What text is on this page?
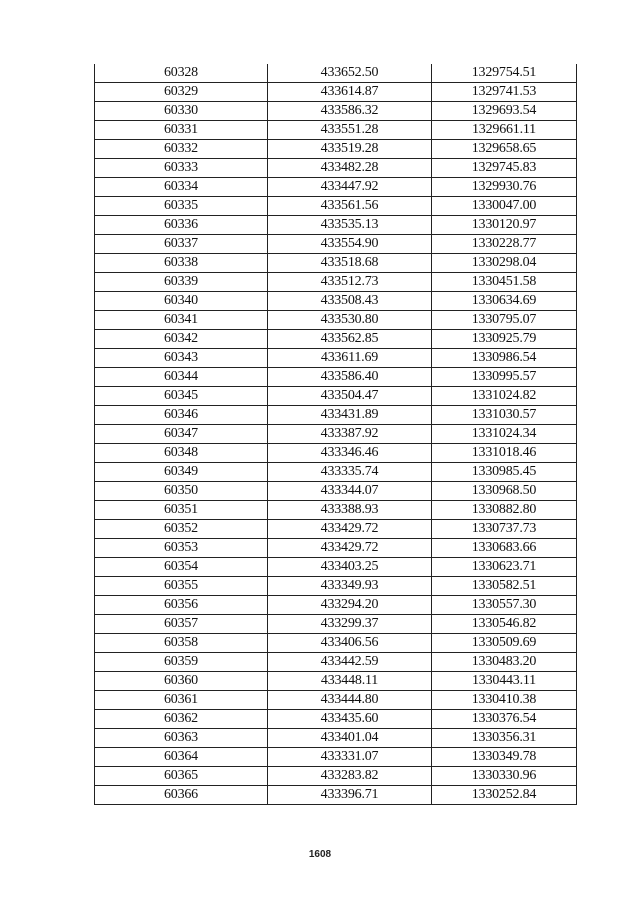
60328	433652.50	1329754.51
60329	433614.87	1329741.53
60330	433586.32	1329693.54
60331	433551.28	1329661.11
60332	433519.28	1329658.65
60333	433482.28	1329745.83
60334	433447.92	1329930.76
60335	433561.56	1330047.00
60336	433535.13	1330120.97
60337	433554.90	1330228.77
60338	433518.68	1330298.04
60339	433512.73	1330451.58
60340	433508.43	1330634.69
60341	433530.80	1330795.07
60342	433562.85	1330925.79
60343	433611.69	1330986.54
60344	433586.40	1330995.57
60345	433504.47	1331024.82
60346	433431.89	1331030.57
60347	433387.92	1331024.34
60348	433346.46	1331018.46
60349	433335.74	1330985.45
60350	433344.07	1330968.50
60351	433388.93	1330882.80
60352	433429.72	1330737.73
60353	433429.72	1330683.66
60354	433403.25	1330623.71
60355	433349.93	1330582.51
60356	433294.20	1330557.30
60357	433299.37	1330546.82
60358	433406.56	1330509.69
60359	433442.59	1330483.20
60360	433448.11	1330443.11
60361	433444.80	1330410.38
60362	433435.60	1330376.54
60363	433401.04	1330356.31
60364	433331.07	1330349.78
60365	433283.82	1330330.96
60366	433396.71	1330252.84
1608
